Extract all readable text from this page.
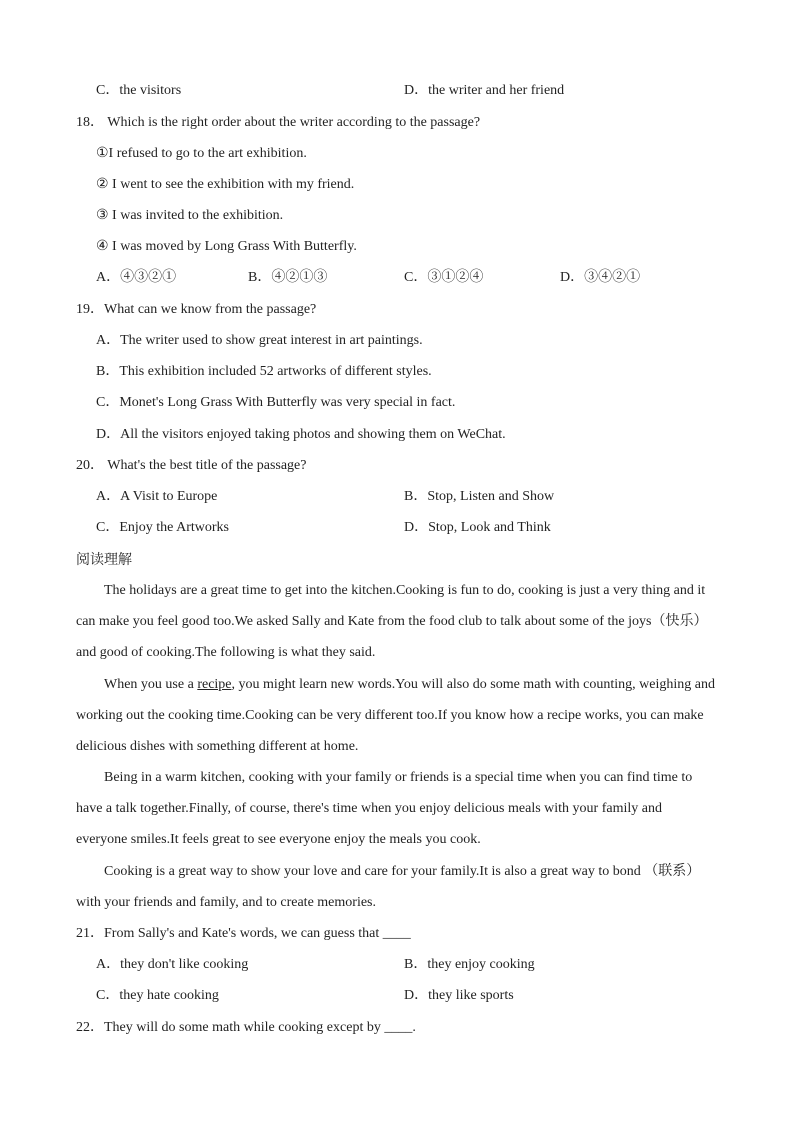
C．the visitors	D．the writer and her friend
18． Which is the right order about the writer according to the passage?
①I refused to go to the art exhibition.
② I went to see the exhibition with my friend.
③ I was invited to the exhibition.
④ I was moved by Long Grass With Butterfly.
A．④③②①	B．④②①③	C．③①②④	D．③④②①
19．What can we know from the passage?
A．The writer used to show great interest in art paintings.
B．This exhibition included 52 artworks of different styles.
C．Monet's Long Grass With Butterfly was very special in fact.
D．All the visitors enjoyed taking photos and showing them on WeChat.
20． What's the best title of the passage?
A．A Visit to Europe	B．Stop, Listen and Show
C．Enjoy the Artworks	D．Stop, Look and Think
阅读理解
The holidays are a great time to get into the kitchen.Cooking is fun to do, cooking is just a very thing and it can make you feel good too.We asked Sally and Kate from the food club to talk about some of the joys（快乐） and good of cooking.The following is what they said.
When you use a recipe, you might learn new words.You will also do some math with counting, weighing and working out the cooking time.Cooking can be very different too.If you know how a recipe works, you can make delicious dishes with something different at home.
Being in a warm kitchen, cooking with your family or friends is a special time when you can find time to have a talk together.Finally, of course, there's time when you enjoy delicious meals with your family and everyone smiles.It feels great to see everyone enjoy the meals you cook.
Cooking is a great way to show your love and care for your family.It is also a great way to bond （联系） with your friends and family, and to create memories.
21．From Sally's and Kate's words, we can guess that ____
A．they don't like cooking	B．they enjoy cooking
C．they hate cooking	D．they like sports
22．They will do some math while cooking except by ____.
